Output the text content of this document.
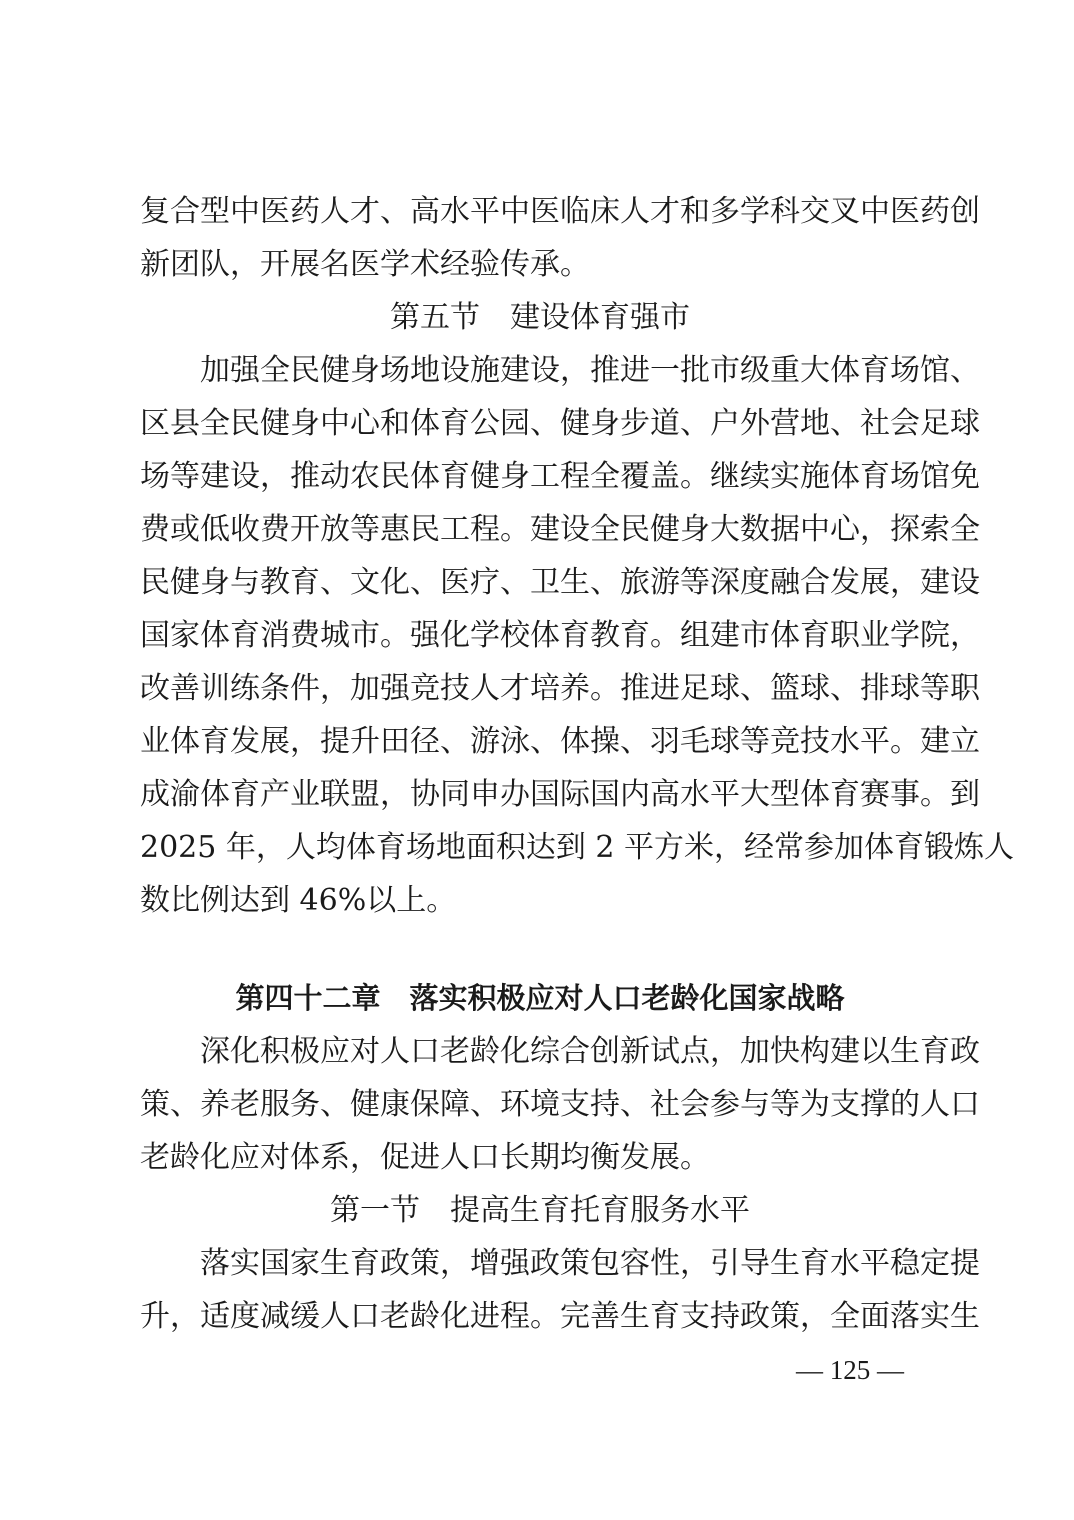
复合型中医药人才、高水平中医临床人才和多学科交叉中医药创
新团队，开展名医学术经验传承。
第五节　建设体育强市
加强全民健身场地设施建设，推进一批市级重大体育场馆、
区县全民健身中心和体育公园、健身步道、户外营地、社会足球
场等建设，推动农民体育健身工程全覆盖。继续实施体育场馆免
费或低收费开放等惠民工程。建设全民健身大数据中心，探索全
民健身与教育、文化、医疗、卫生、旅游等深度融合发展，建设
国家体育消费城市。强化学校体育教育。组建市体育职业学院，
改善训练条件，加强竞技人才培养。推进足球、篮球、排球等职
业体育发展，提升田径、游泳、体操、羽毛球等竞技水平。建立
成渝体育产业联盟，协同申办国际国内高水平大型体育赛事。到
2025 年，人均体育场地面积达到 2 平方米，经常参加体育锻炼人
数比例达到 46%以上。
第四十二章　落实积极应对人口老龄化国家战略
深化积极应对人口老龄化综合创新试点，加快构建以生育政
策、养老服务、健康保障、环境支持、社会参与等为支撑的人口
老龄化应对体系，促进人口长期均衡发展。
第一节　提高生育托育服务水平
落实国家生育政策，增强政策包容性，引导生育水平稳定提
升，适度减缓人口老龄化进程。完善生育支持政策，全面落实生
— 125 —
